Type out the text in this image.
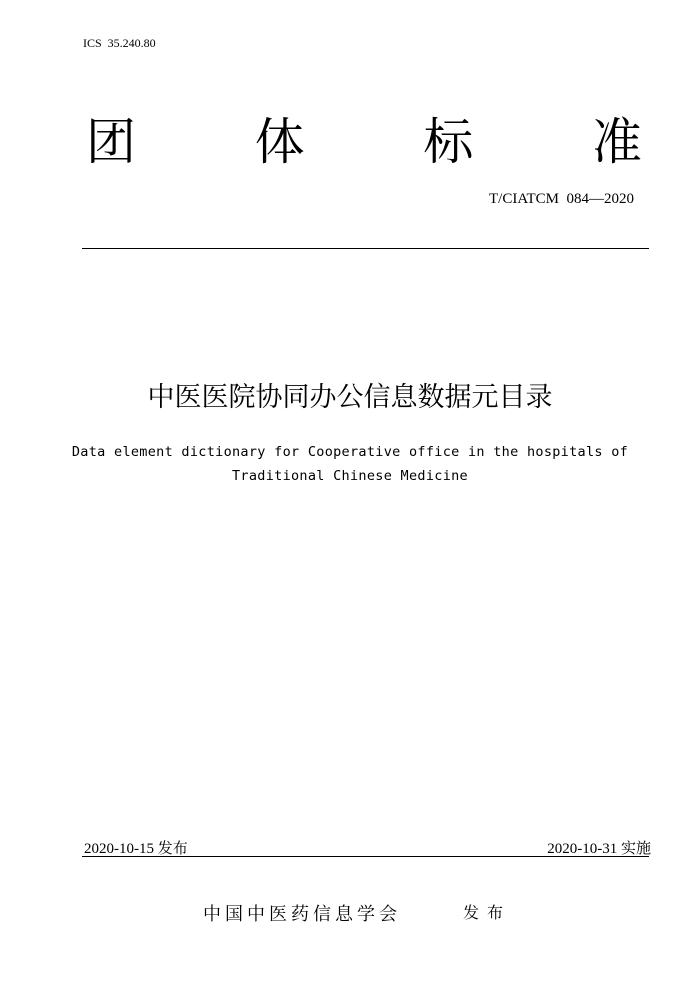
ICS  35.240.80
团 体 标 准
T/CIATCM  084—2020
中医医院协同办公信息数据元目录
Data element dictionary for Cooperative office in the hospitals of
Traditional Chinese Medicine
2020-10-15 发布	2020-10-31 实施
中国中医药信息学会	发布
